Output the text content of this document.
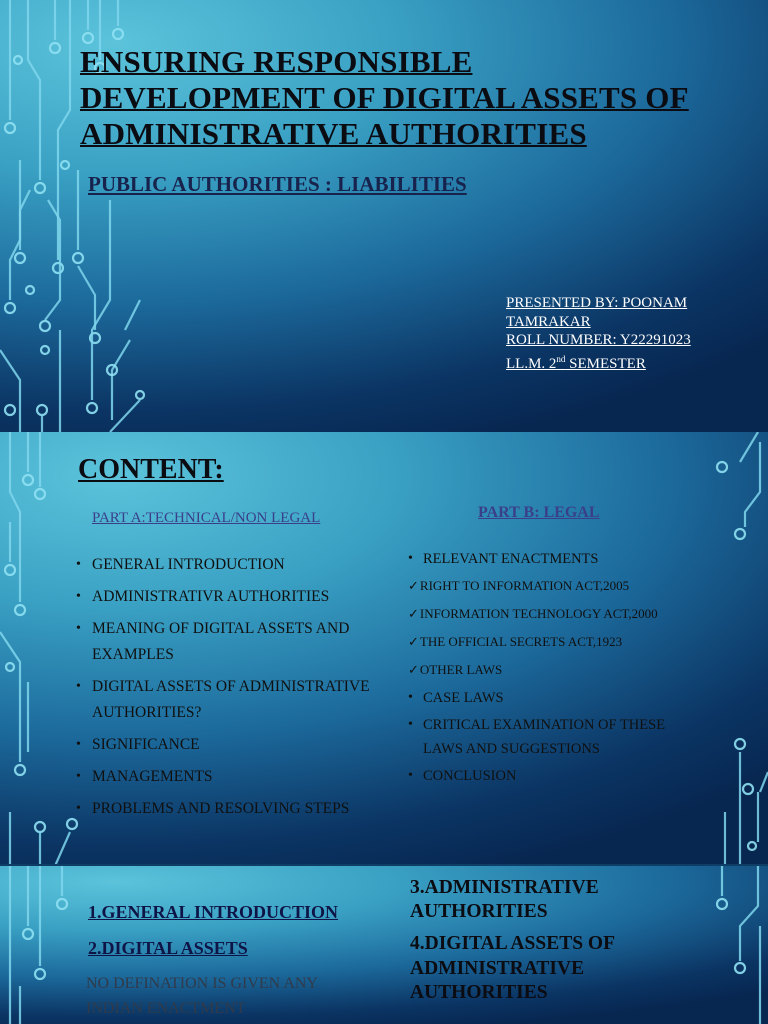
ENSURING RESPONSIBLE DEVELOPMENT OF DIGITAL ASSETS OF ADMINISTRATIVE AUTHORITIES
PUBLIC AUTHORITIES : LIABILITIES
PRESENTED BY: POONAM TAMRAKAR
ROLL NUMBER: Y22291023
LL.M. 2nd SEMESTER
CONTENT:
PART A:TECHNICAL/NON LEGAL	PART B: LEGAL
• GENERAL INTRODUCTION
• ADMINISTRATIVR AUTHORITIES
• MEANING OF DIGITAL ASSETS AND EXAMPLES
• DIGITAL ASSETS OF ADMINISTRATIVE AUTHORITIES?
• SIGNIFICANCE
• MANAGEMENTS
• PROBLEMS AND RESOLVING STEPS
• RELEVANT ENACTMENTS
✓RIGHT TO INFORMATION ACT,2005
✓INFORMATION TECHNOLOGY ACT,2000
✓THE OFFICIAL SECRETS ACT,1923
✓OTHER LAWS
• CASE LAWS
• CRITICAL EXAMINATION OF THESE LAWS AND SUGGESTIONS
• CONCLUSION
1.GENERAL INTRODUCTION
2.DIGITAL ASSETS
NO DEFINATION IS GIVEN ANY INDIAN ENACTMENT
3.ADMINISTRATIVE AUTHORITIES
4.DIGITAL ASSETS OF ADMINISTRATIVE AUTHORITIES
